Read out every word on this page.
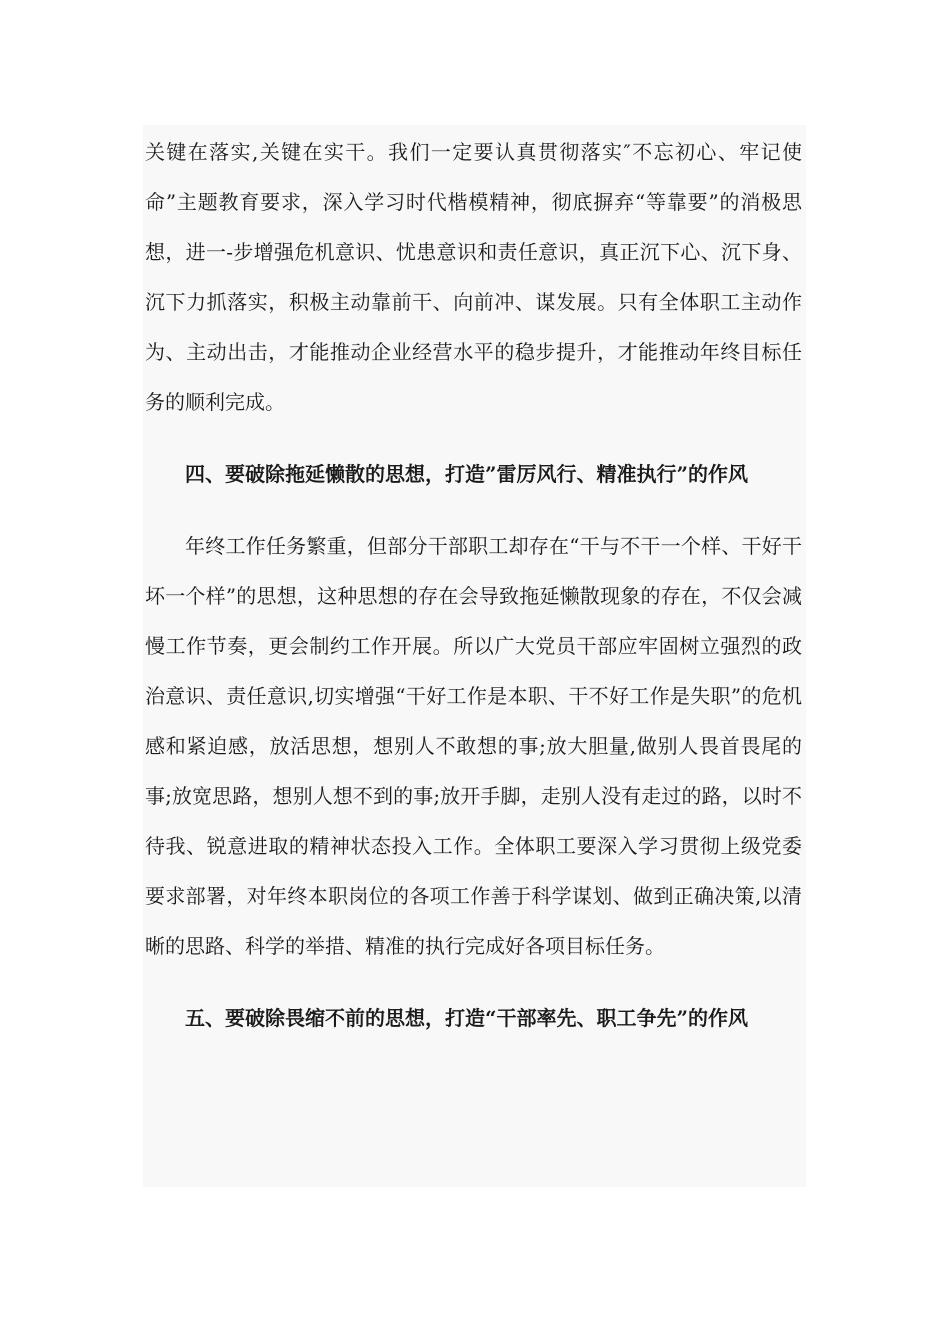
关键在落实,关键在实干。我们一定要认真贯彻落实″不忘初心、牢记使命”主题教育要求，深入学习时代楷模精神，彻底摒弃“等靠要”的消极思想，进一-步增强危机意识、忧患意识和责任意识，真正沉下心、沉下身、沉下力抓落实，积极主动靠前干、向前冲、谋发展。只有全体职工主动作为、主动出击，才能推动企业经营水平的稳步提升，才能推动年终目标任务的顺利完成。

四、要破除拖延懒散的思想，打造”雷厉风行、精准执行”的作风

年终工作任务繁重，但部分干部职工却存在“干与不干一个样、干好干坏一个样”的思想，这种思想的存在会导致拖延懒散现象的存在，不仅会减慢工作节奏，更会制约工作开展。所以广大党员干部应牢固树立强烈的政治意识、责任意识,切实增强“干好工作是本职、干不好工作是失职”的危机感和紧迫感，放活思想，想别人不敢想的事;放大胆量,做别人畏首畏尾的事;放宽思路，想别人想不到的事;放开手脚，走别人没有走过的路，以时不待我、锐意进取的精神状态投入工作。全体职工要深入学习贯彻上级党委要求部署，对年终本职岗位的各项工作善于科学谋划、做到正确决策,以清晰的思路、科学的举措、精准的执行完成好各项目标任务。

五、要破除畏缩不前的思想，打造“干部率先、职工争先”的作风
